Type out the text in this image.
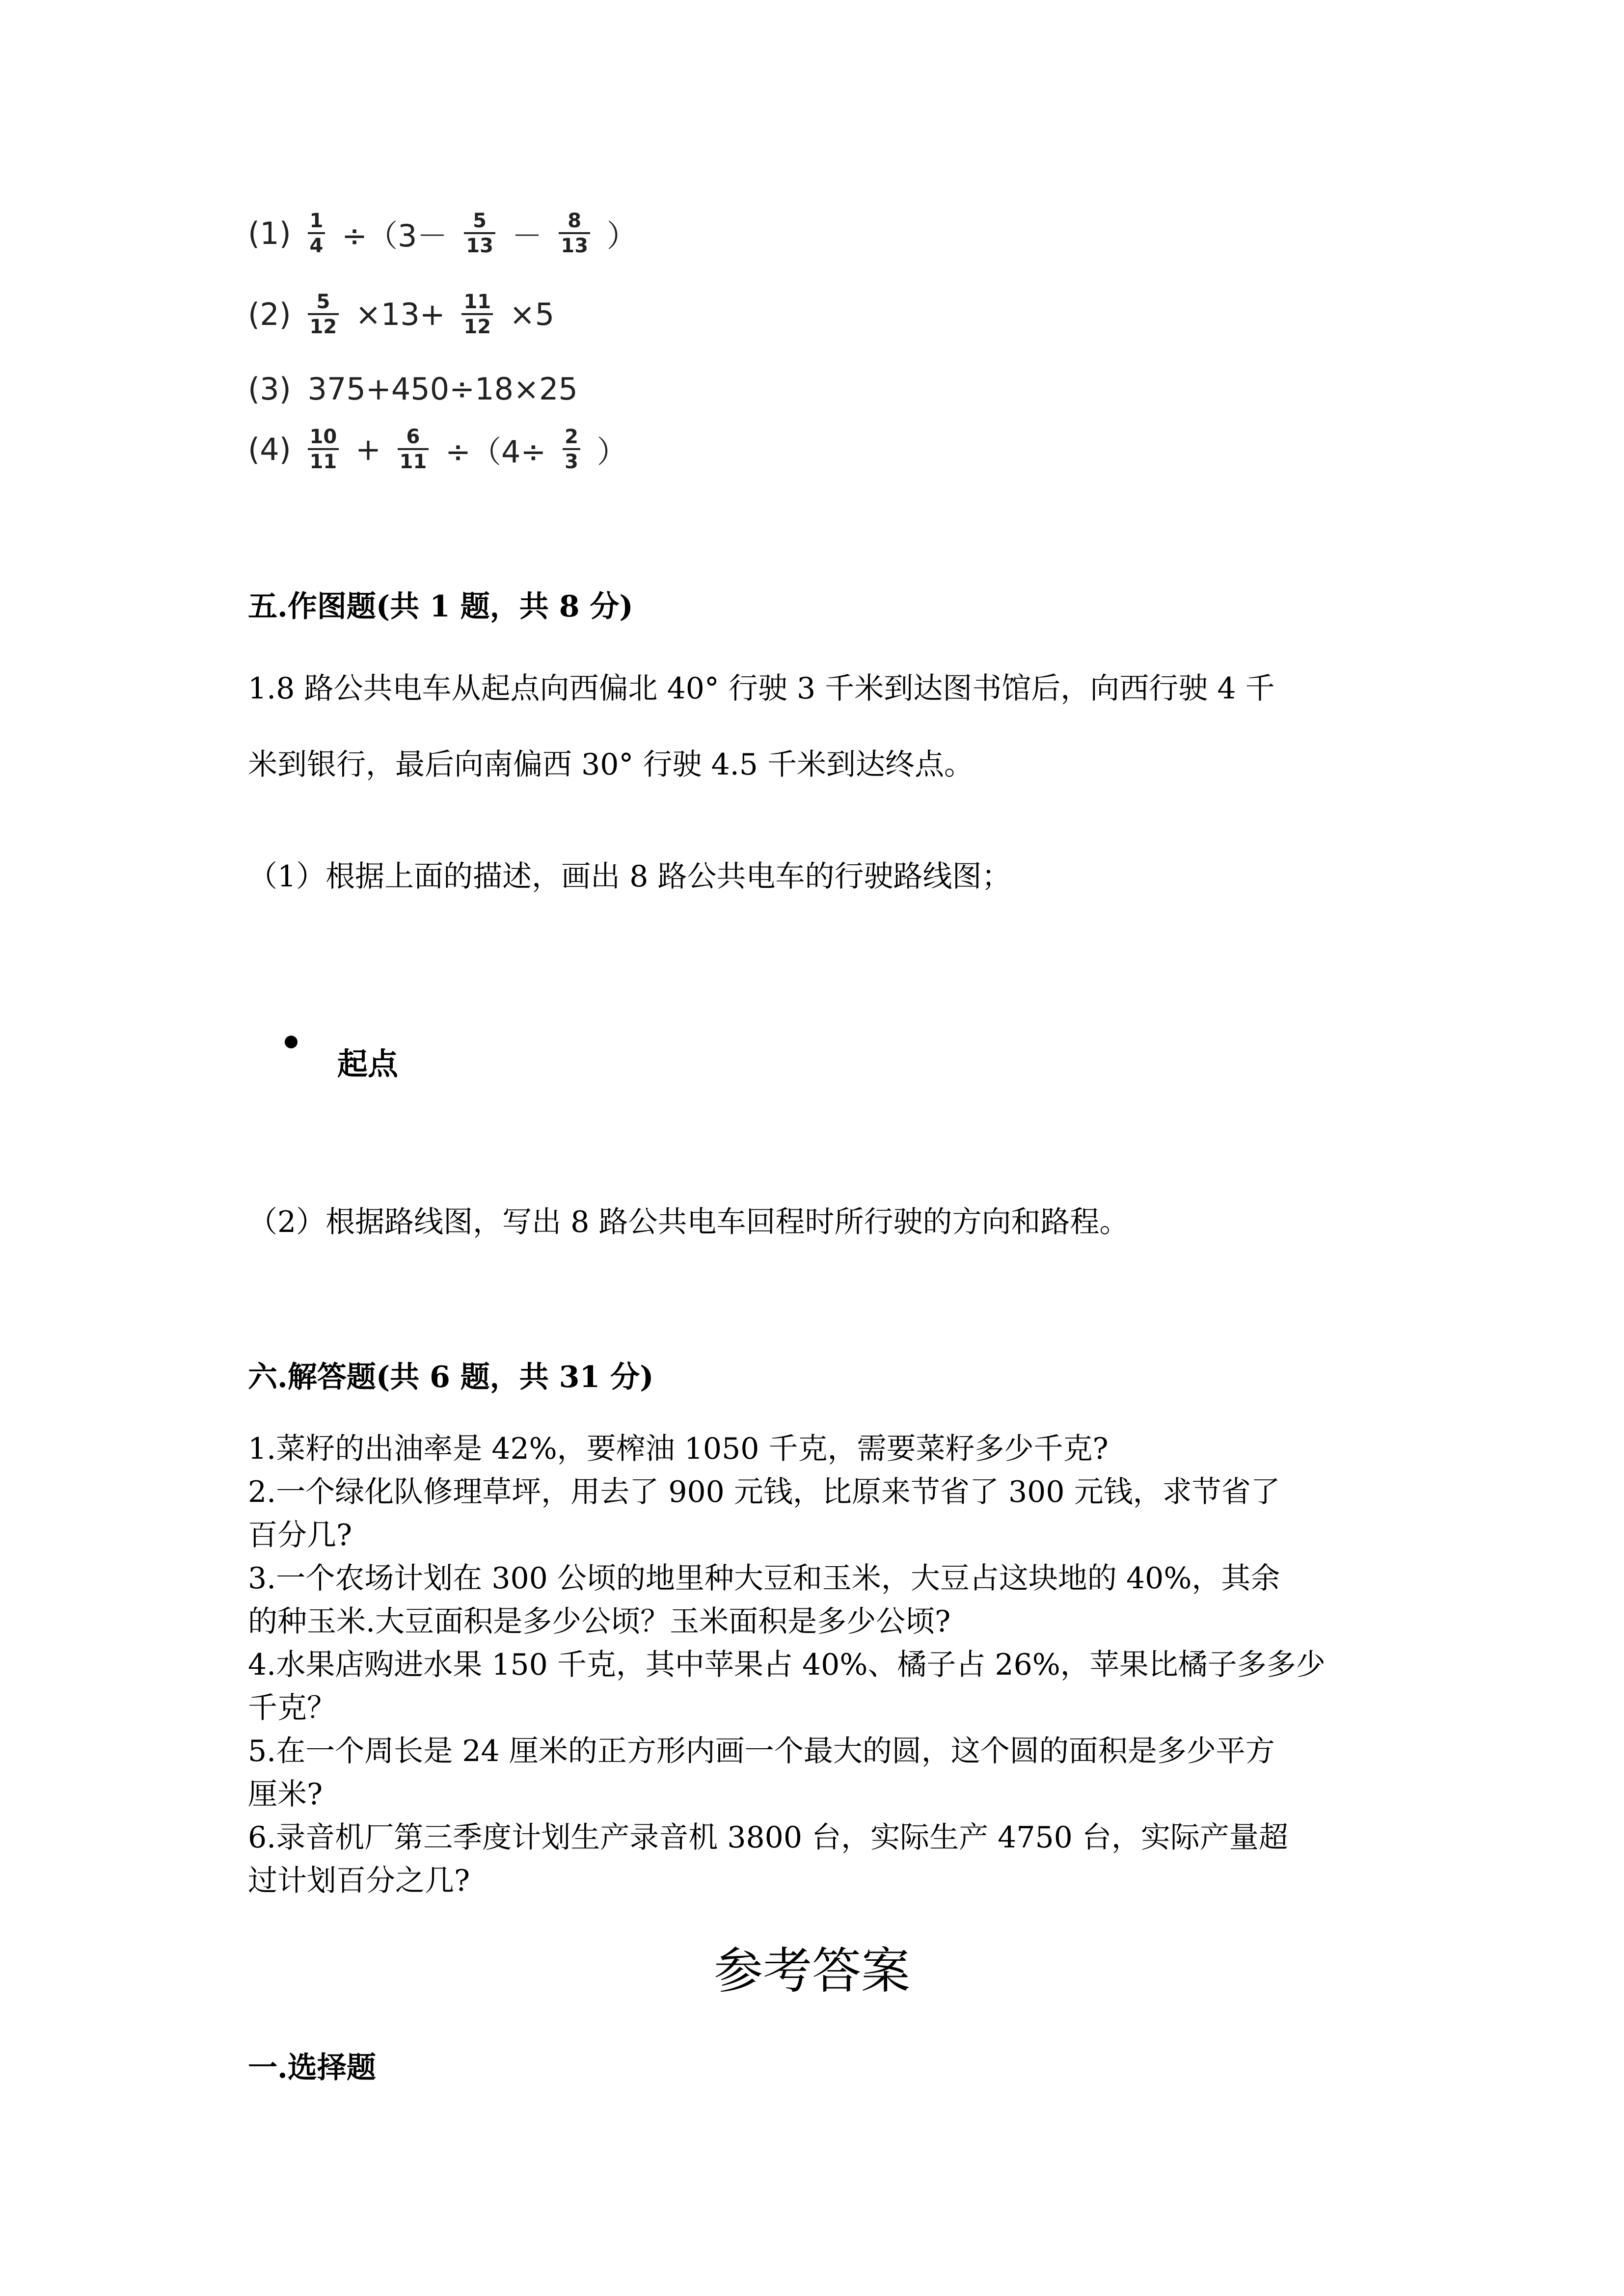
$(1) \frac{1}{4} \div(3- \frac{5}{13} - \frac{8}{13}$ ）
$(2) \frac{5}{12} \times 13+ \frac{11}{12} \times 5$
(3) 375+450÷18×25
$(4) \frac{10}{11} + \frac{6}{11} \div(4\div \frac{2}{3}$ ）
五.作图题(共 1 题，共 8 分)
1.8 路公共电车从起点向西偏北 40° 行驶 3 千米到达图书馆后，向西行驶 4 千
米到银行，最后向南偏西 30° 行驶 4.5 千米到达终点。
（1）根据上面的描述，画出 8 路公共电车的行驶路线图；
起点
（2）根据路线图，写出 8 路公共电车回程时所行驶的方向和路程。
六.解答题(共 6 题，共 31 分)
1.菜籽的出油率是 42%，要榨油 1050 千克，需要菜籽多少千克?
2.一个绿化队修理草坪，用去了 900 元钱，比原来节省了 300 元钱，求节省了
百分几?
3.一个农场计划在 300 公顷的地里种大豆和玉米，大豆占这块地的 40%，其余
的种玉米.大豆面积是多少公顷？玉米面积是多少公顷?
4.水果店购进水果 150 千克，其中苹果占 40%、橘子占 26%，苹果比橘子多多少
千克？
5.在一个周长是 24 厘米的正方形内画一个最大的圆，这个圆的面积是多少平方
厘米?
6.录音机厂第三季度计划生产录音机 3800 台，实际生产 4750 台，实际产量超
过计划百分之几?
参考答案
一.选择题
